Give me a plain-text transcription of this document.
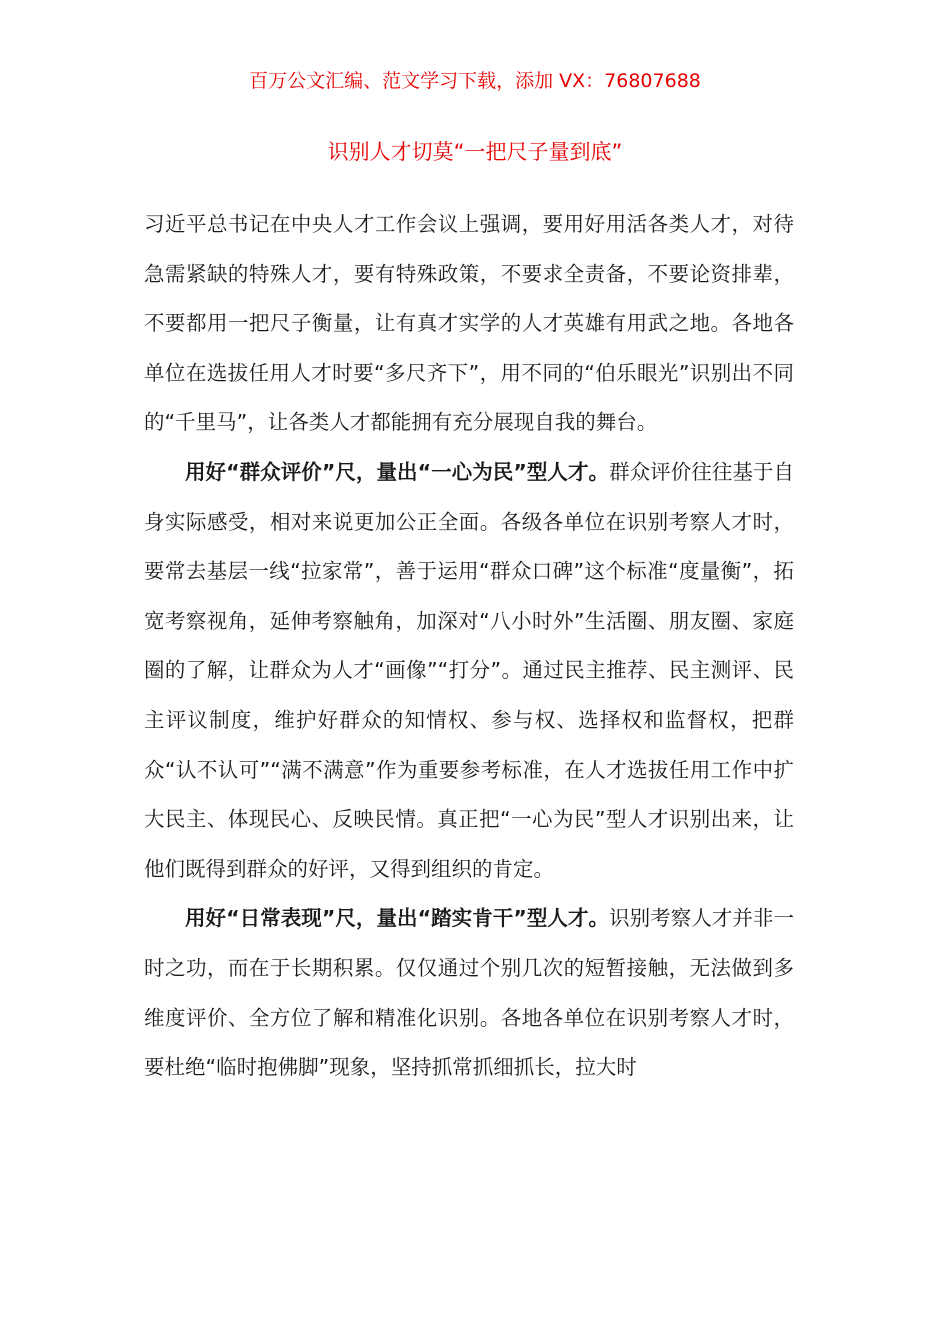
百万公文汇编、范文学习下载，添加 VX：76807688
识别人才切莫“一把尺子量到底”

习近平总书记在中央人才工作会议上强调，要用好用活各类人才，对待急需紧缺的特殊人才，要有特殊政策，不要求全责备，不要论资排辈，不要都用一把尺子衡量，让有真才实学的人才英雄有用武之地。各地各单位在选拔任用人才时要“多尺齐下”，用不同的“伯乐眼光”识别出不同的“千里马”，让各类人才都能拥有充分展现自我的舞台。

用好“群众评价”尺，量出“一心为民”型人才。群众评价往往基于自身实际感受，相对来说更加公正全面。各级各单位在识别考察人才时，要常去基层一线“拉家常”，善于运用“群众口碑”这个标准“度量衡”，拓宽考察视角，延伸考察触角，加深对“八小时外”生活圈、朋友圈、家庭圈的了解，让群众为人才“画像”“打分”。通过民主推荐、民主测评、民主评议制度，维护好群众的知情权、参与权、选择权和监督权，把群众“认不认可”“满不满意”作为重要参考标准，在人才选拔任用工作中扩大民主、体现民心、反映民情。真正把“一心为民”型人才识别出来，让他们既得到群众的好评，又得到组织的肯定。

用好“日常表现”尺，量出“踏实肯干”型人才。识别考察人才并非一时之功，而在于长期积累。仅仅通过个别几次的短暂接触，无法做到多维度评价、全方位了解和精准化识别。各地各单位在识别考察人才时，要杜绝“临时抱佛脚”现象，坚持抓常抓细抓长，拉大时
